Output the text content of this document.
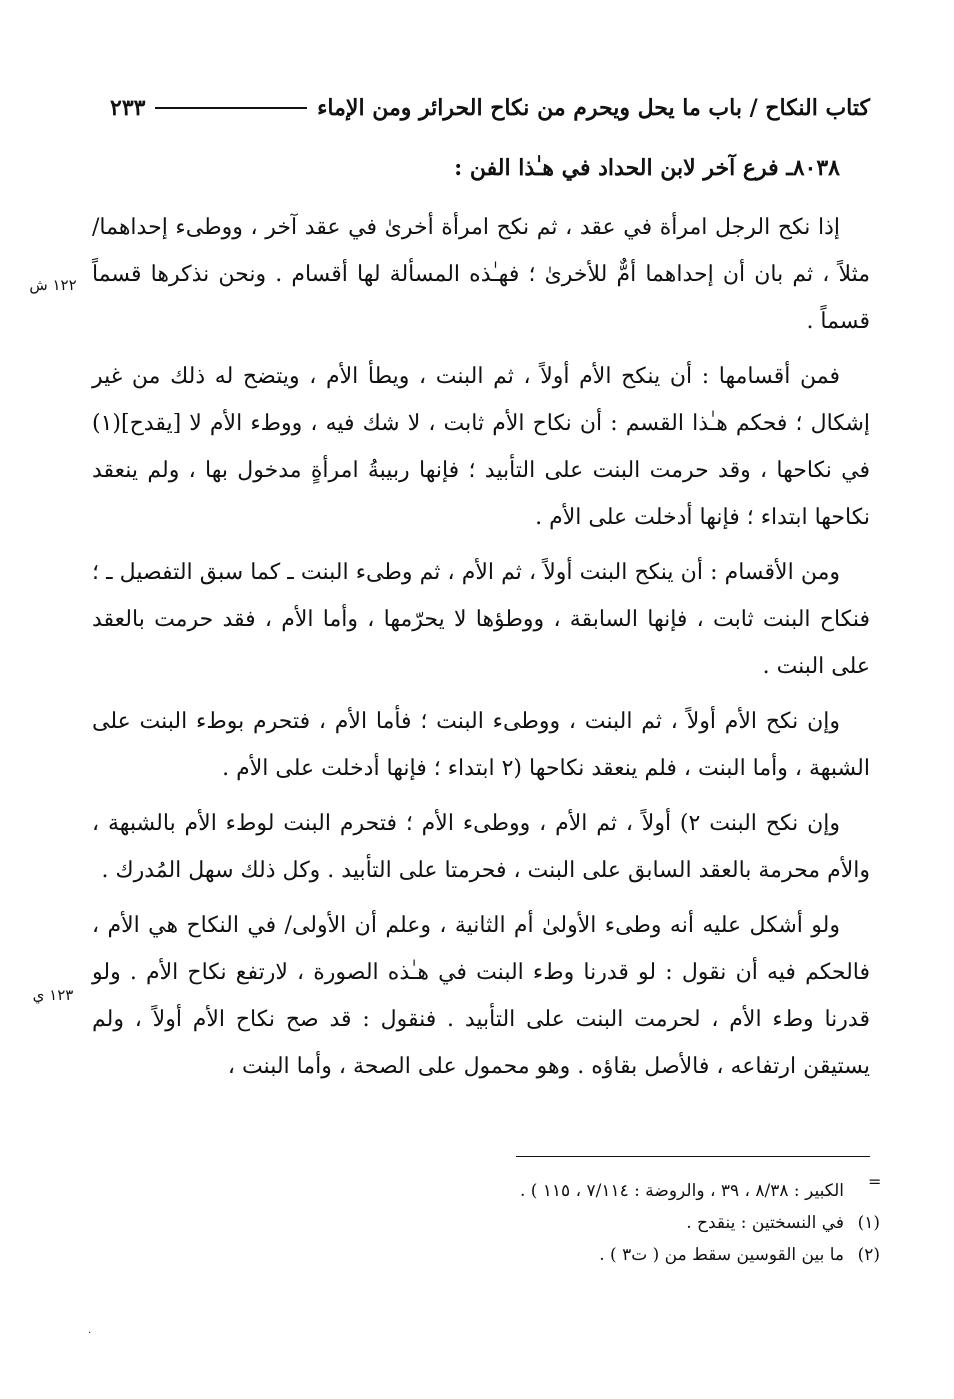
كتاب النكاح / باب ما يحل ويحرم من نكاح الحرائر ومن الإماء
٢٣٣

٨٠٣٨ـ فرع آخر لابن الحداد في هـٰذا الفن :

إذا نكح الرجل امرأة في عقد ، ثم نكح امرأة أخرىٰ في عقد آخر ، ووطىء إحداهما/ مثلاً ، ثم بان أن إحداهما أمٌّ للأخرىٰ ؛ فهـٰذه المسألة لها أقسام . ونحن نذكرها قسماً قسماً .

فمن أقسامها : أن ينكح الأم أولاً ، ثم البنت ، ويطأ الأم ، ويتضح له ذلك من غير إشكال ؛ فحكم هـٰذا القسم : أن نكاح الأم ثابت ، لا شك فيه ، ووطء الأم لا [يقدح](١) في نكاحها ، وقد حرمت البنت على التأبيد ؛ فإنها ربيبةُ امرأةٍ مدخول بها ، ولم ينعقد نكاحها ابتداء ؛ فإنها أدخلت على الأم .

ومن الأقسام : أن ينكح البنت أولاً ، ثم الأم ، ثم وطىء البنت ـ كما سبق التفصيل ـ ؛ فنكاح البنت ثابت ، فإنها السابقة ، ووطؤها لا يحرّمها ، وأما الأم ، فقد حرمت بالعقد على البنت .

وإن نكح الأم أولاً ، ثم البنت ، ووطىء البنت ؛ فأما الأم ، فتحرم بوطء البنت على الشبهة ، وأما البنت ، فلم ينعقد نكاحها (٢ ابتداء ؛ فإنها أدخلت على الأم .

وإن نكح البنت ٢) أولاً ، ثم الأم ، ووطىء الأم ؛ فتحرم البنت لوطء الأم بالشبهة ، والأم محرمة بالعقد السابق على البنت ، فحرمتا على التأبيد . وكل ذلك سهل المُدرك .

ولو أشكل عليه أنه وطىء الأولىٰ أم الثانية ، وعلم أن الأولى/ في النكاح هي الأم ، فالحكم فيه أن نقول : لو قدرنا وطء البنت في هـٰذه الصورة ، لارتفع نكاح الأم . ولو قدرنا وطء الأم ، لحرمت البنت على التأبيد . فنقول : قد صح نكاح الأم أولاً ، ولم يستيقن ارتفاعه ، فالأصل بقاؤه . وهو محمول على الصحة ، وأما البنت ،

١٢٢ ش
١٢٣ ي
=
الكبير : ٨/٣٨ ، ٣٩ ، والروضة : ٧/١١٤ ، ١١٥ ) .
(١)في النسختين : ينقدح .
(٢)ما بين القوسين سقط من ( ت٣ ) .
·
